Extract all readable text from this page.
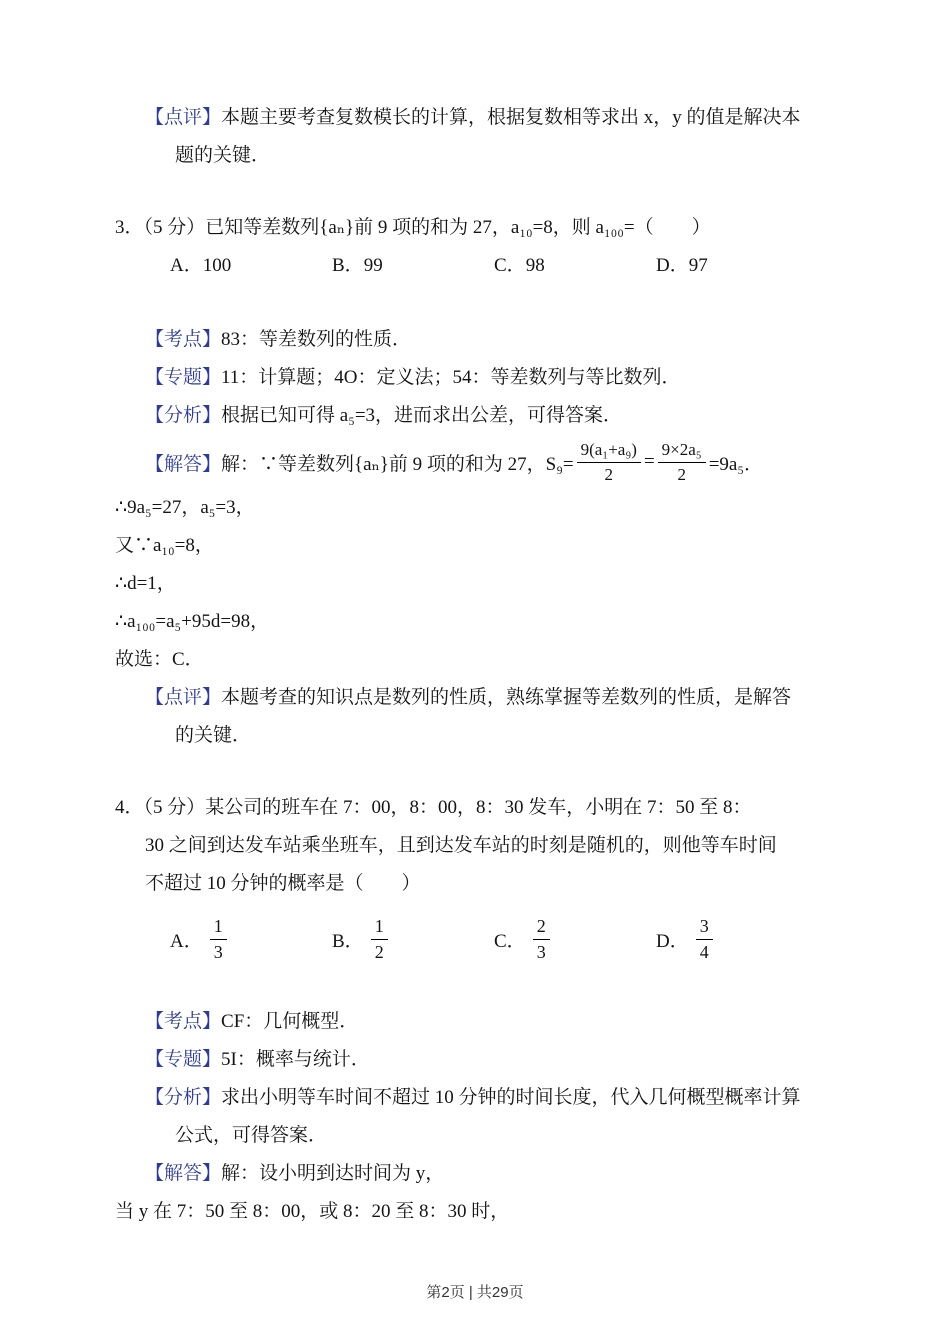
【点评】本题主要考查复数模长的计算，根据复数相等求出 x，y 的值是解决本
题的关键．
3．（5 分）已知等差数列{aₙ}前 9 项的和为 27，a₁₀=8，则 a₁₀₀=（　　）
A．100	B．99	C．98	D．97
【考点】83：等差数列的性质．
【专题】11：计算题；4O：定义法；54：等差数列与等比数列．
【分析】根据已知可得 a₅=3，进而求出公差，可得答案．
【解答】 解：∵等差数列{aₙ}前 9 项的和为 27，$S_9= \frac{\text{9(a₁+a₉)}}{2} = \frac{\text{9×2a₅}}{2} =9a_5$．
∴9a₅=27，a₅=3，
又∵a₁₀=8，
∴d=1，
∴a₁₀₀=a₅+95d=98，
故选：C．
【点评】本题考查的知识点是数列的性质，熟练掌握等差数列的性质，是解答
的关键．
4．（5 分）某公司的班车在 7：00，8：00，8：30 发车，小明在 7：50 至 8：
30 之间到达发车站乘坐班车，且到达发车站的时刻是随机的，则他等车时间
不超过 10 分钟的概率是（　　）
A． $\frac{1}{3}$	B． $\frac{1}{2}$	C． $\frac{2}{3}$	D． $\frac{3}{4}$
【考点】CF：几何概型．
【专题】5I：概率与统计．
【分析】求出小明等车时间不超过 10 分钟的时间长度，代入几何概型概率计算
公式，可得答案．
【解答】解：设小明到达时间为 y，
当 y 在 7：50 至 8：00，或 8：20 至 8：30 时，
第2页 | 共29页
